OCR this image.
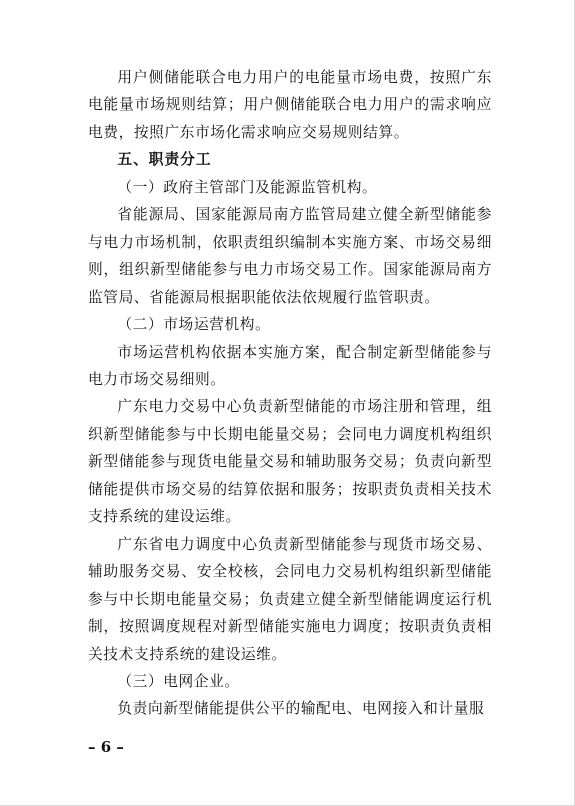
用户侧储能联合电力用户的电能量市场电费，按照广东电能量市场规则结算；用户侧储能联合电力用户的需求响应电费，按照广东市场化需求响应交易规则结算。

五、职责分工

（一）政府主管部门及能源监管机构。

省能源局、国家能源局南方监管局建立健全新型储能参与电力市场机制，依职责组织编制本实施方案、市场交易细则，组织新型储能参与电力市场交易工作。国家能源局南方监管局、省能源局根据职能依法依规履行监管职责。

（二）市场运营机构。

市场运营机构依据本实施方案，配合制定新型储能参与电力市场交易细则。

广东电力交易中心负责新型储能的市场注册和管理，组织新型储能参与中长期电能量交易；会同电力调度机构组织新型储能参与现货电能量交易和辅助服务交易；负责向新型储能提供市场交易的结算依据和服务；按职责负责相关技术支持系统的建设运维。

广东省电力调度中心负责新型储能参与现货市场交易、辅助服务交易、安全校核，会同电力交易机构组织新型储能参与中长期电能量交易；负责建立健全新型储能调度运行机制，按照调度规程对新型储能实施电力调度；按职责负责相关技术支持系统的建设运维。

（三）电网企业。

负责向新型储能提供公平的输配电、电网接入和计量服

– 6 –
